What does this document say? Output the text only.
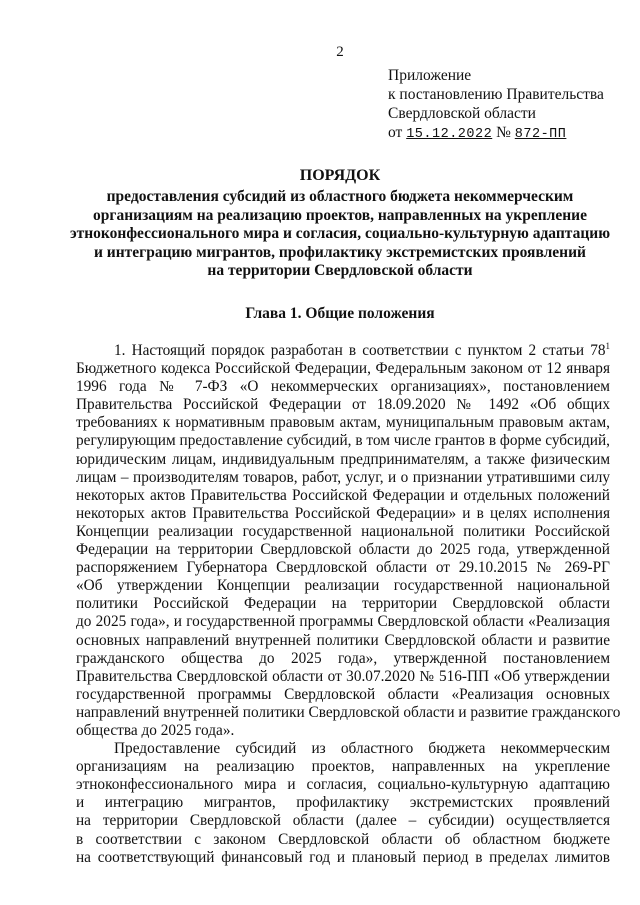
2
Приложение
к постановлению Правительства
Свердловской области
от 15.12.2022 № 872-ПП
ПОРЯДОК
предоставления субсидий из областного бюджета некоммерческим
организациям на реализацию проектов, направленных на укрепление
этноконфессионального мира и согласия, социально-культурную адаптацию
и интеграцию мигрантов, профилактику экстремистских проявлений
на территории Свердловской области
Глава 1. Общие положения
1. Настоящий порядок разработан в соответствии с пунктом 2 статьи $78^1$
Бюджетного кодекса Российской Федерации, Федеральным законом от 12 января
1996 года № 7-ФЗ «О некоммерческих организациях», постановлением
Правительства Российской Федерации от 18.09.2020 № 1492 «Об общих
требованиях к нормативным правовым актам, муниципальным правовым актам,
регулирующим предоставление субсидий, в том числе грантов в форме субсидий,
юридическим лицам, индивидуальным предпринимателям, а также физическим
лицам – производителям товаров, работ, услуг, и о признании утратившими силу
некоторых актов Правительства Российской Федерации и отдельных положений
некоторых актов Правительства Российской Федерации» и в целях исполнения
Концепции реализации государственной национальной политики Российской
Федерации на территории Свердловской области до 2025 года, утвержденной
распоряжением Губернатора Свердловской области от 29.10.2015 № 269-РГ
«Об утверждении Концепции реализации государственной национальной
политики Российской Федерации на территории Свердловской области
до 2025 года», и государственной программы Свердловской области «Реализация
основных направлений внутренней политики Свердловской области и развитие
гражданского общества до 2025 года», утвержденной постановлением
Правительства Свердловской области от 30.07.2020 № 516-ПП «Об утверждении
государственной программы Свердловской области «Реализация основных
направлений внутренней политики Свердловской области и развитие гражданского
общества до 2025 года».
Предоставление субсидий из областного бюджета некоммерческим
организациям на реализацию проектов, направленных на укрепление
этноконфессионального мира и согласия, социально-культурную адаптацию
и интеграцию мигрантов, профилактику экстремистских проявлений
на территории Свердловской области (далее – субсидии) осуществляется
в соответствии с законом Свердловской области об областном бюджете
на соответствующий финансовый год и плановый период в пределах лимитов
